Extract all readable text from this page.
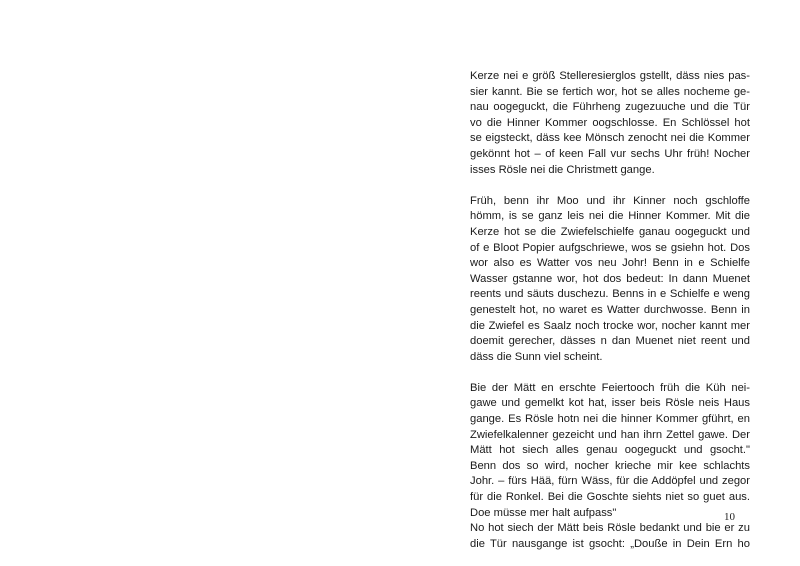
Kerze nei e größ Stelleresierglos gstellt, däss nies pas-
sier kannt. Bie se fertich wor, hot se alles nocheme ge-
nau oogeguckt, die Führheng zugezuuche und die Tür
vo die Hinner Kommer oogschlosse. En Schlössel hot
se eigsteckt, däss kee Mönsch zenocht nei die Kommer
gekönnt hot – of keen Fall vur sechs Uhr früh! Nocher
isses Rösle nei die Christmett gange.

Früh, benn ihr Moo und ihr Kinner noch gschloffe
hömm, is se ganz leis nei die Hinner Kommer. Mit die
Kerze hot se die Zwiefelschielfe ganau oogeguckt und
of e Bloot Popier aufgschriewe, wos se gsiehn hot. Dos
wor also es Watter vos neu Johr! Benn in e Schielfe
Wasser gstanne wor, hot dos bedeut: In dann Muenet
reents und säuts duschezu. Benns in e Schielfe e weng
genestelt hot, no waret es Watter durchwosse. Benn in
die Zwiefel es Saalz noch trocke wor, nocher kannt mer
doemit gerecher, dässes n dan Muenet niet reent und
däss die Sunn viel scheint.

Bie der Mätt en erschte Feiertooch früh die Küh nei-
gawe und gemelkt kot hat, isser beis Rösle neis Haus
gange. Es Rösle hotn nei die hinner Kommer gführt, en
Zwiefelkalenner gezeicht und han ihrn Zettel gawe. Der
Mätt hot siech alles genau oogeguckt und gsocht."
Benn dos so wird, nocher krieche mir kee schlachts
Johr. – fürs Hää, fürn Wäss, für die Addöpfel und zegor
für die Ronkel. Bei die Goschte siehts niet so guet aus.
Doe müsse mer halt aufpass"
No hot siech der Mätt beis Rösle bedankt und bie er zu
die Tür nausgange ist gsocht: „Douße in Dein Ern ho

10
